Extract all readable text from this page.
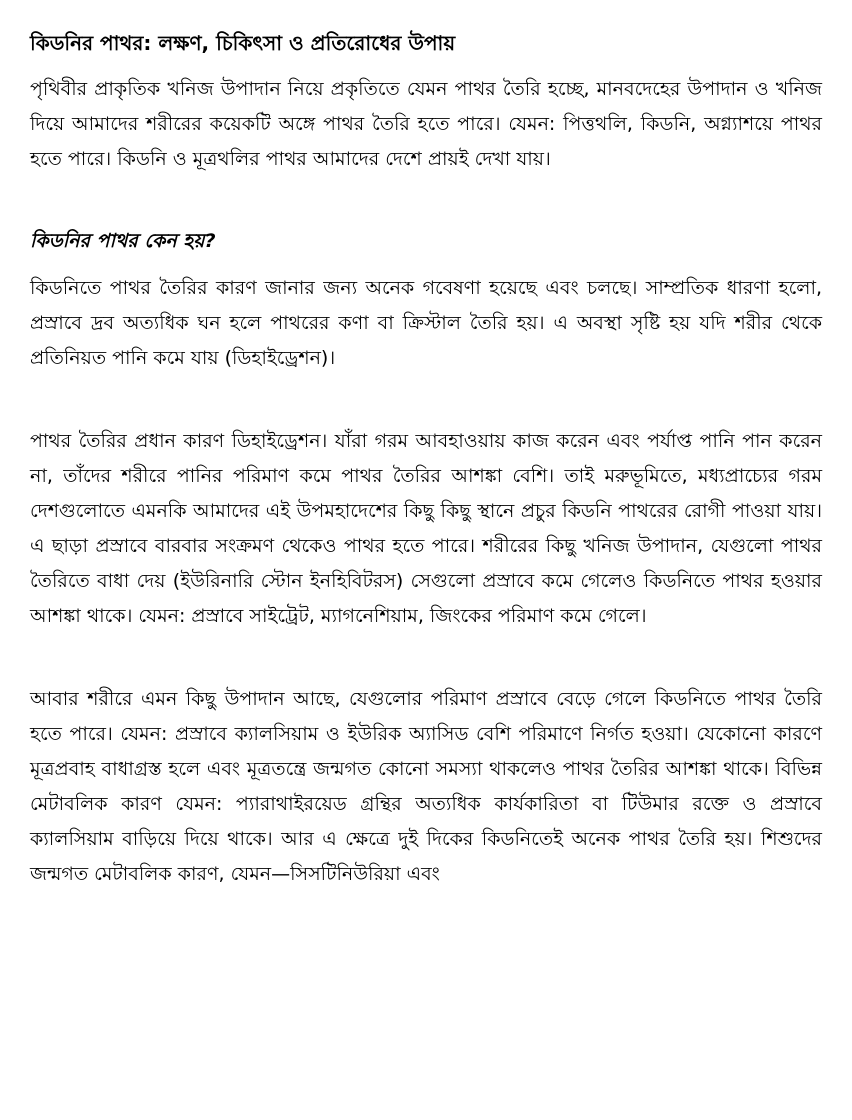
কিডনির পাথর: লক্ষণ, চিকিৎসা ও প্রতিরোধের উপায়

পৃথিবীর প্রাকৃতিক খনিজ উপাদান নিয়ে প্রকৃতিতে যেমন পাথর তৈরি হচ্ছে, মানবদেহের উপাদান ও খনিজ দিয়ে আমাদের শরীরের কয়েকটি অঙ্গে পাথর তৈরি হতে পারে। যেমন: পিত্তথলি, কিডনি, অগ্ন্যাশয়ে পাথর হতে পারে। কিডনি ও মূত্রথলির পাথর আমাদের দেশে প্রায়ই দেখা যায়।

কিডনির পাথর কেন হয়?

কিডনিতে পাথর তৈরির কারণ জানার জন্য অনেক গবেষণা হয়েছে এবং চলছে। সাম্প্রতিক ধারণা হলো, প্রস্রাবে দ্রব অত্যধিক ঘন হলে পাথরের কণা বা ক্রিস্টাল তৈরি হয়। এ অবস্থা সৃষ্টি হয় যদি শরীর থেকে প্রতিনিয়ত পানি কমে যায় (ডিহাইড্রেশন)।

পাথর তৈরির প্রধান কারণ ডিহাইড্রেশন। যাঁরা গরম আবহাওয়ায় কাজ করেন এবং পর্যাপ্ত পানি পান করেন না, তাঁদের শরীরে পানির পরিমাণ কমে পাথর তৈরির আশঙ্কা বেশি। তাই মরুভূমিতে, মধ্যপ্রাচ্যের গরম দেশগুলোতে এমনকি আমাদের এই উপমহাদেশের কিছু কিছু স্থানে প্রচুর কিডনি পাথরের রোগী পাওয়া যায়। এ ছাড়া প্রস্রাবে বারবার সংক্রমণ থেকেও পাথর হতে পারে। শরীরের কিছু খনিজ উপাদান, যেগুলো পাথর তৈরিতে বাধা দেয় (ইউরিনারি স্টোন ইনহিবিটরস) সেগুলো প্রস্রাবে কমে গেলেও কিডনিতে পাথর হওয়ার আশঙ্কা থাকে। যেমন: প্রস্রাবে সাইট্রেট, ম্যাগনেশিয়াম, জিংকের পরিমাণ কমে গেলে।

আবার শরীরে এমন কিছু উপাদান আছে, যেগুলোর পরিমাণ প্রস্রাবে বেড়ে গেলে কিডনিতে পাথর তৈরি হতে পারে। যেমন: প্রস্রাবে ক্যালসিয়াম ও ইউরিক অ্যাসিড বেশি পরিমাণে নির্গত হওয়া। যেকোনো কারণে মূত্রপ্রবাহ বাধাগ্রস্ত হলে এবং মূত্রতন্ত্রে জন্মগত কোনো সমস্যা থাকলেও পাথর তৈরির আশঙ্কা থাকে। বিভিন্ন মেটাবলিক কারণ যেমন: প্যারাথাইরয়েড গ্রন্থির অত্যধিক কার্যকারিতা বা টিউমার রক্তে ও প্রস্রাবে ক্যালসিয়াম বাড়িয়ে দিয়ে থাকে। আর এ ক্ষেত্রে দুই দিকের কিডনিতেই অনেক পাথর তৈরি হয়। শিশুদের জন্মগত মেটাবলিক কারণ, যেমন—সিসটিনিউরিয়া এবং
